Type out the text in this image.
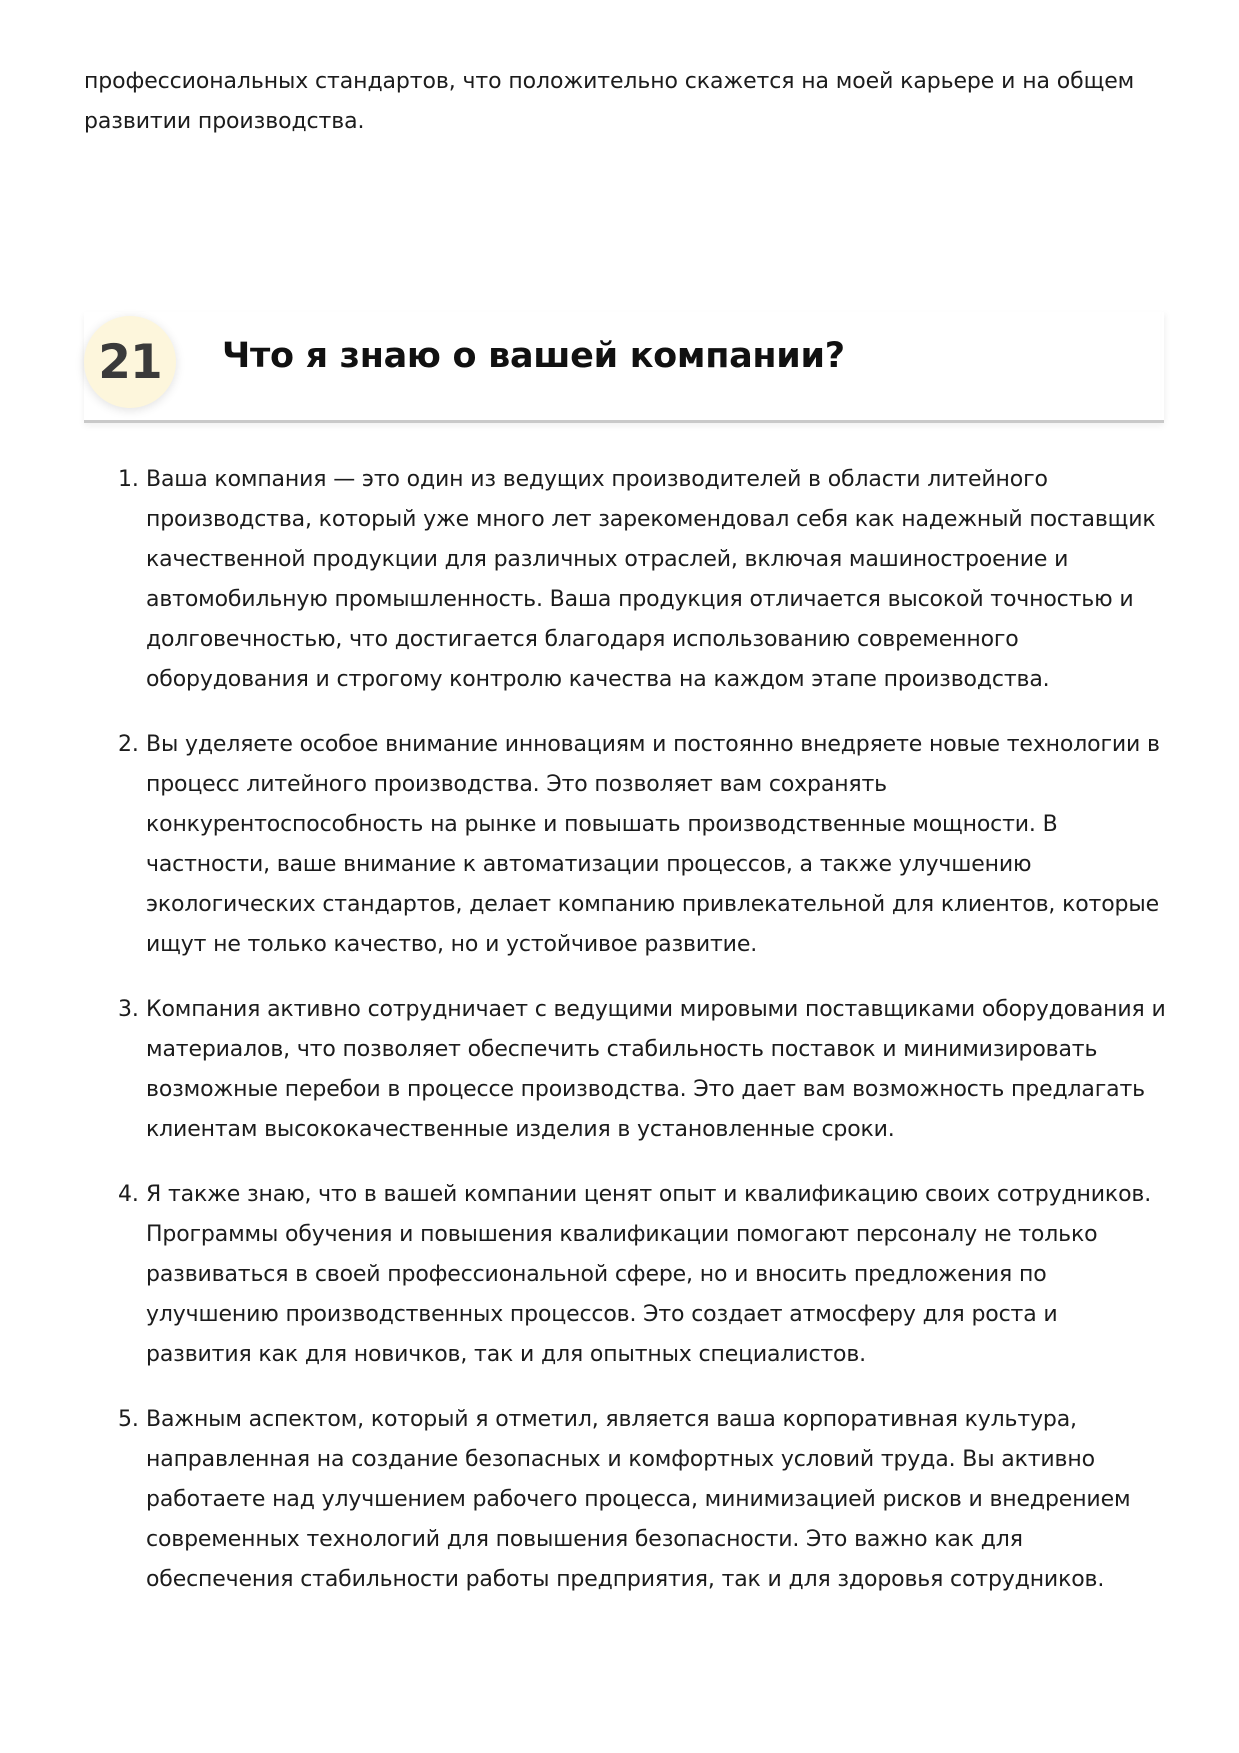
профессиональных стандартов, что положительно скажется на моей карьере и на общем развитии производства.

21	Что я знаю о вашей компании?
1. Ваша компания — это один из ведущих производителей в области литейного производства, который уже много лет зарекомендовал себя как надежный поставщик качественной продукции для различных отраслей, включая машиностроение и автомобильную промышленность. Ваша продукция отличается высокой точностью и долговечностью, что достигается благодаря использованию современного оборудования и строгому контролю качества на каждом этапе производства.
2. Вы уделяете особое внимание инновациям и постоянно внедряете новые технологии в процесс литейного производства. Это позволяет вам сохранять конкурентоспособность на рынке и повышать производственные мощности. В частности, ваше внимание к автоматизации процессов, а также улучшению экологических стандартов, делает компанию привлекательной для клиентов, которые ищут не только качество, но и устойчивое развитие.
3. Компания активно сотрудничает с ведущими мировыми поставщиками оборудования и материалов, что позволяет обеспечить стабильность поставок и минимизировать возможные перебои в процессе производства. Это дает вам возможность предлагать клиентам высококачественные изделия в установленные сроки.
4. Я также знаю, что в вашей компании ценят опыт и квалификацию своих сотрудников. Программы обучения и повышения квалификации помогают персоналу не только развиваться в своей профессиональной сфере, но и вносить предложения по улучшению производственных процессов. Это создает атмосферу для роста и развития как для новичков, так и для опытных специалистов.
5. Важным аспектом, который я отметил, является ваша корпоративная культура, направленная на создание безопасных и комфортных условий труда. Вы активно работаете над улучшением рабочего процесса, минимизацией рисков и внедрением современных технологий для повышения безопасности. Это важно как для обеспечения стабильности работы предприятия, так и для здоровья сотрудников.
